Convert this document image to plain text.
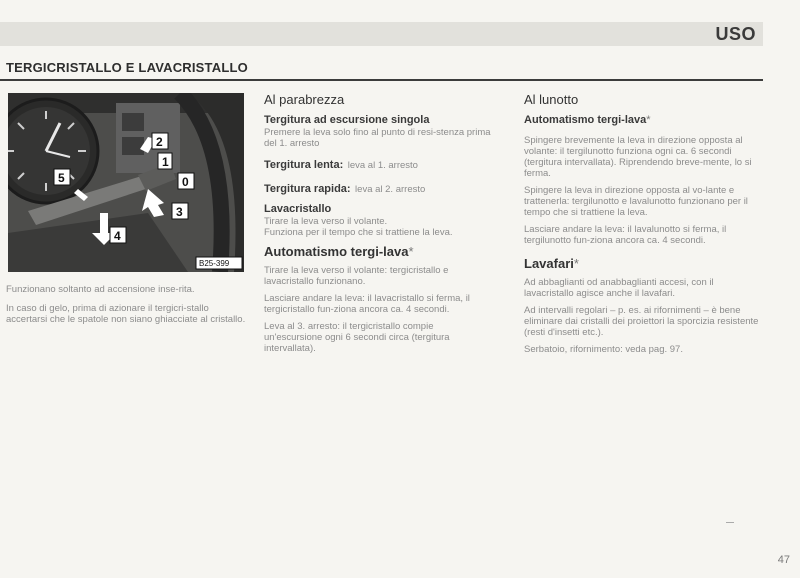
USO
TERGICRISTALLO E LAVACRISTALLO
2
1
0
5
3
4
B25-399

Funzionano soltanto ad accensione inse-rita.

In caso di gelo, prima di azionare il tergicri-stallo accertarsi che le spatole non siano ghiacciate al cristallo.

Al parabrezza
Tergitura ad escursione singola
Premere la leva solo fino al punto di resi-stenza prima del 1. arresto
Tergitura lenta: leva al 1. arresto
Tergitura rapida: leva al 2. arresto
Lavacristallo
Tirare la leva verso il volante.
Funziona per il tempo che si trattiene la leva.
Automatismo tergi-lava*

Tirare la leva verso il volante: tergicristallo e lavacristallo funzionano.

Lasciare andare la leva: il lavacristallo si ferma, il tergicristallo fun-ziona ancora ca. 4 secondi.

Leva al 3. arresto: il tergicristallo compie un'escursione ogni 6 secondi circa (tergitura intervallata).

Al lunotto
Automatismo tergi-lava*

Spingere brevemente la leva in direzione opposta al volante: il tergilunotto funziona ogni ca. 6 secondi (tergitura intervallata). Riprendendo breve-mente, lo si ferma.

Spingere la leva in direzione opposta al vo-lante e trattenerla: tergilunotto e lavalunotto funzionano per il tempo che si trattiene la leva.

Lasciare andare la leva: il lavalunotto si ferma, il tergilunotto fun-ziona ancora ca. 4 secondi.

Lavafari*

Ad abbaglianti od anabbaglianti accesi, con il lavacristallo agisce anche il lavafari.

Ad intervalli regolari – p. es. ai rifornimenti – è bene eliminare dai cristalli dei proiettori la sporcizia resistente (resti d'insetti etc.).

Serbatoio, rifornimento: veda pag. 97.

47
